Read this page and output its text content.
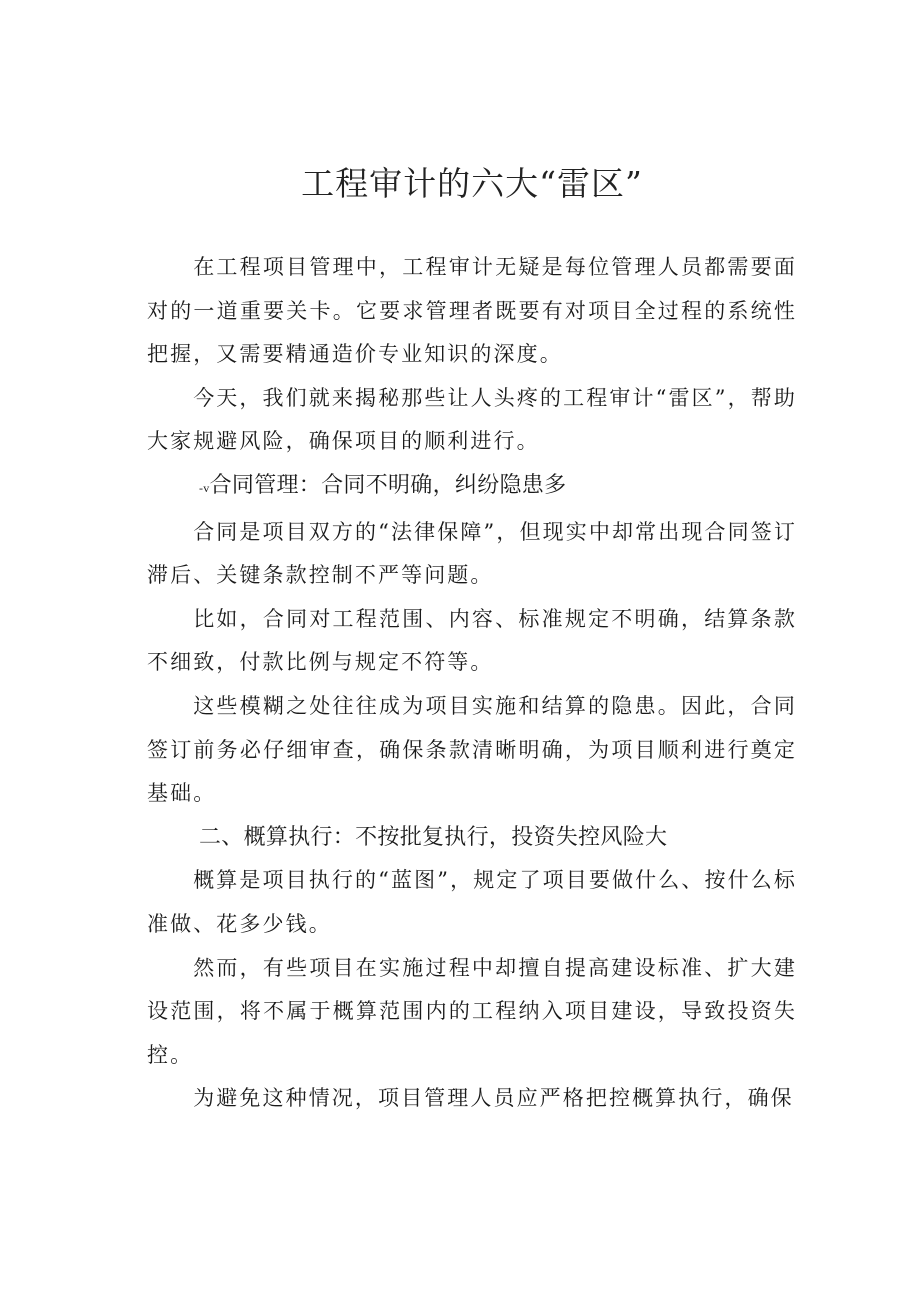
工程审计的六大“雷区”

在工程项目管理中，工程审计无疑是每位管理人员都需要面对的一道重要关卡。它要求管理者既要有对项目全过程的系统性把握，又需要精通造价专业知识的深度。

今天，我们就来揭秘那些让人头疼的工程审计“雷区”，帮助大家规避风险，确保项目的顺利进行。

-v合同管理：合同不明确，纠纷隐患多

合同是项目双方的“法律保障”，但现实中却常出现合同签订滞后、关键条款控制不严等问题。

比如，合同对工程范围、内容、标准规定不明确，结算条款不细致，付款比例与规定不符等。

这些模糊之处往往成为项目实施和结算的隐患。因此，合同签订前务必仔细审查，确保条款清晰明确，为项目顺利进行奠定基础。

二、概算执行：不按批复执行，投资失控风险大

概算是项目执行的“蓝图”，规定了项目要做什么、按什么标准做、花多少钱。

然而，有些项目在实施过程中却擅自提高建设标准、扩大建设范围，将不属于概算范围内的工程纳入项目建设，导致投资失控。

为避免这种情况，项目管理人员应严格把控概算执行，确保
